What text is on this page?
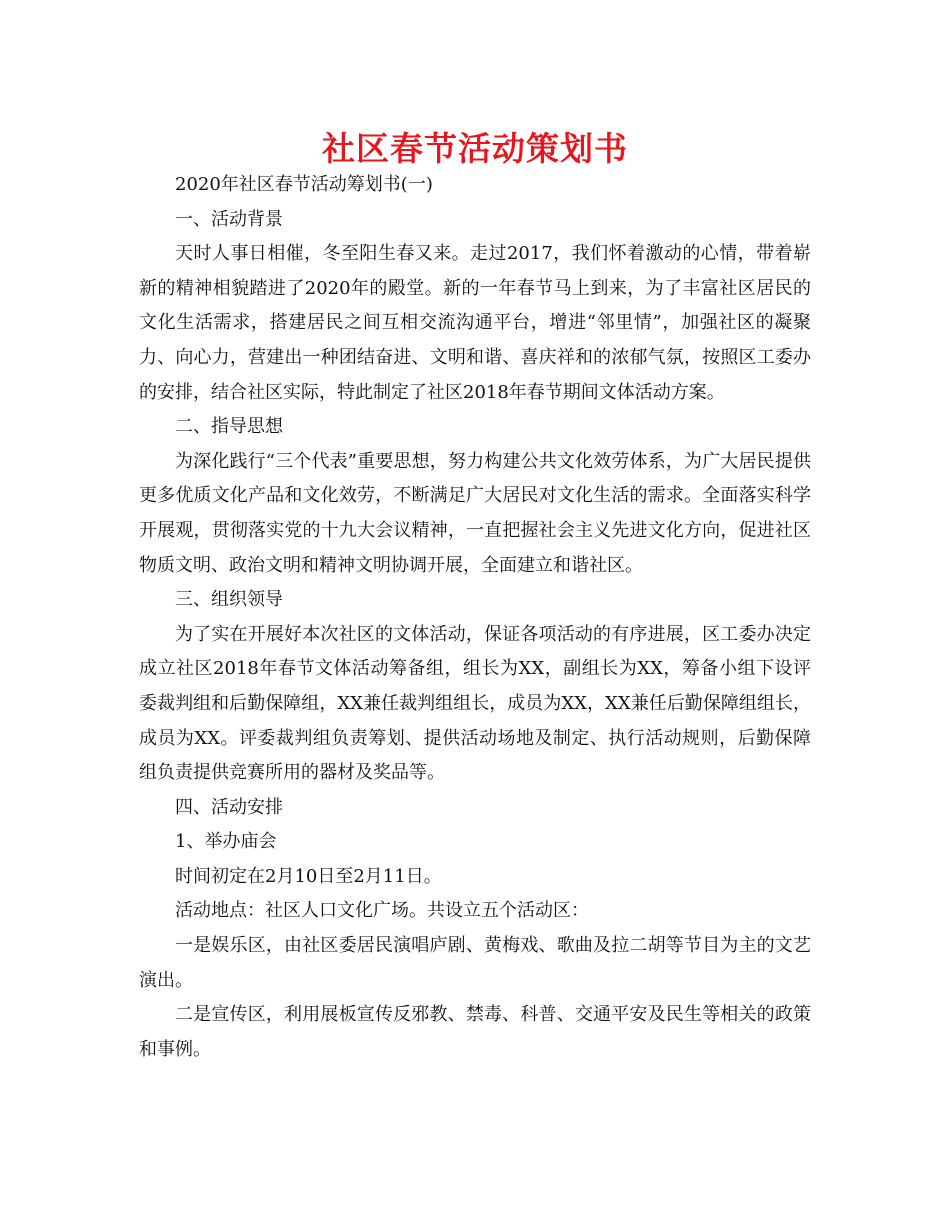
社区春节活动策划书

2020年社区春节活动筹划书(一)

一、活动背景

天时人事日相催，冬至阳生春又来。走过2017，我们怀着激动的心情，带着崭新的精神相貌踏进了2020年的殿堂。新的一年春节马上到来，为了丰富社区居民的文化生活需求，搭建居民之间互相交流沟通平台，增进“邻里情”，加强社区的凝聚力、向心力，营建出一种团结奋进、文明和谐、喜庆祥和的浓郁气氛，按照区工委办的安排，结合社区实际，特此制定了社区2018年春节期间文体活动方案。

二、指导思想

为深化践行“三个代表”重要思想，努力构建公共文化效劳体系，为广大居民提供更多优质文化产品和文化效劳，不断满足广大居民对文化生活的需求。全面落实科学开展观，贯彻落实党的十九大会议精神，一直把握社会主义先进文化方向，促进社区物质文明、政治文明和精神文明协调开展，全面建立和谐社区。

三、组织领导

为了实在开展好本次社区的文体活动，保证各项活动的有序进展，区工委办决定成立社区2018年春节文体活动筹备组，组长为XX，副组长为XX，筹备小组下设评委裁判组和后勤保障组，XX兼任裁判组组长，成员为XX，XX兼任后勤保障组组长，成员为XX。评委裁判组负责筹划、提供活动场地及制定、执行活动规则，后勤保障组负责提供竞赛所用的器材及奖品等。

四、活动安排

1、举办庙会

时间初定在2月10日至2月11日。

活动地点：社区人口文化广场。共设立五个活动区：

一是娱乐区，由社区委居民演唱庐剧、黄梅戏、歌曲及拉二胡等节目为主的文艺演出。

二是宣传区，利用展板宣传反邪教、禁毒、科普、交通平安及民生等相关的政策和事例。
